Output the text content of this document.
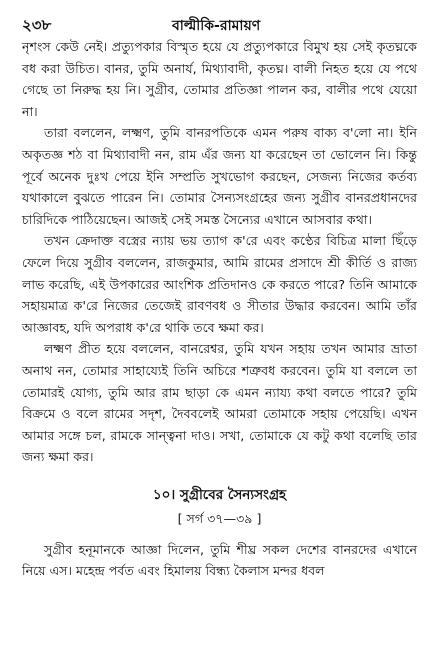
২৩৮	বাল্মীকি-রামায়ণ

নৃশংস কেউ নেই। প্রত্যুপকার বিস্মৃত হয়ে যে প্রত্যুপকারে বিমুখ হয় সেই কৃতঘ্নকে বধ করা উচিত। বানর, তুমি অনার্য, মিথ্যাবাদী, কৃতঘ্ন। বালী নিহত হয়ে যে পথে গেছে তা নিরুদ্ধ হয় নি। সুগ্রীব, তোমার প্রতিজ্ঞা পালন কর, বালীর পথে যেয়ো না।

তারা বললেন, লক্ষ্মণ, তুমি বানরপতিকে এমন পরুষ বাক্য ব'লো না। ইনি অকৃতজ্ঞ শঠ বা মিথ্যাবাদী নন, রাম এঁর জন্য যা করেছেন তা ভোলেন নি। কিন্তু পূর্বে অনেক দুঃখ পেয়ে ইনি সম্প্রতি সুখভোগ করছেন, সেজন্য নিজের কর্তব্য যথাকালে বুঝতে পারেন নি। তোমার সৈন্যসংগ্রহের জন্য সুগ্রীব বানরপ্রধানদের চারিদিকে পাঠিয়েছেন। আজই সেই সমস্ত সৈন্যের এখানে আসবার কথা।

তখন ক্রেদাক্ত বস্ত্রের ন্যায় ভয় ত্যাগ ক'রে এবং কণ্ঠের বিচিত্র মালা ছিঁড়ে ফেলে দিয়ে সুগ্রীব বললেন, রাজকুমার, আমি রামের প্রসাদে শ্রী কীর্তি ও রাজ্য লাভ করেছি, এই উপকারের আংশিক প্রতিদানও কে করতে পারে? তিনি আমাকে সহায়মাত্র ক'রে নিজের তেজেই রাবণবধ ও সীতার উদ্ধার করবেন। আমি তাঁর আজ্ঞাবহ, যদি অপরাধ ক'রে থাকি তবে ক্ষমা কর।

লক্ষ্মণ প্রীত হয়ে বললেন, বানরেশ্বর, তুমি যখন সহায় তখন আমার ভ্রাতা অনাথ নন, তোমার সাহায্যেই তিনি অচিরে শত্রুবধ করবেন। তুমি যা বললে তা তোমারই যোগ্য, তুমি আর রাম ছাড়া কে এমন ন্যায্য কথা বলতে পারে? তুমি বিক্রমে ও বলে রামের সদৃশ, দৈববলেই আমরা তোমাকে সহায় পেয়েছি। এখন আমার সঙ্গে চল, রামকে সান্ত্বনা দাও। সখা, তোমাকে যে কটু কথা বলেছি তার জন্য ক্ষমা কর।

১০। সুগ্রীবের সৈন্যসংগ্রহ
[ সর্গ ৩৭—৩৯ ]

সুগ্রীব হনূমানকে আজ্ঞা দিলেন, তুমি শীঘ্র সকল দেশের বানরদের এখানে নিয়ে এস। মহেন্দ্র পর্বত এবং হিমালয় বিন্ধ্য কৈলাস মন্দর ধবল
